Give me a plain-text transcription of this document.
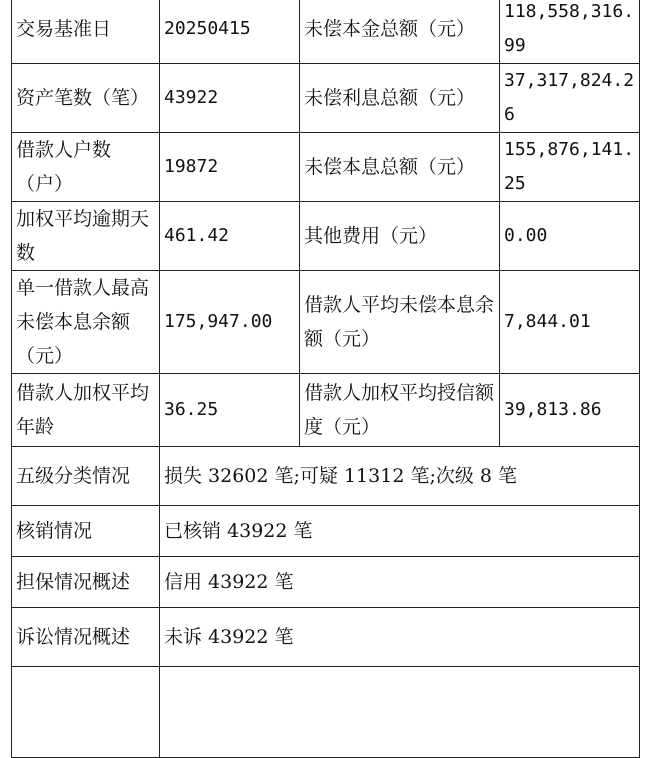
交易基准日	20250415	未偿本金总额（元）	118,558,316.99
资产笔数（笔）	43922	未偿利息总额（元）	37,317,824.26
借款人户数（户）	19872	未偿本息总额（元）	155,876,141.25
加权平均逾期天数	461.42	其他费用（元）	0.00
单一借款人最高未偿本息余额（元）	175,947.00	借款人平均未偿本息余额（元）	7,844.01
借款人加权平均年龄	36.25	借款人加权平均授信额度（元）	39,813.86
五级分类情况	损失 32602 笔;可疑 11312 笔;次级 8 笔		
核销情况	已核销 43922 笔		
担保情况概述	信用 43922 笔		
诉讼情况概述	未诉 43922 笔		
